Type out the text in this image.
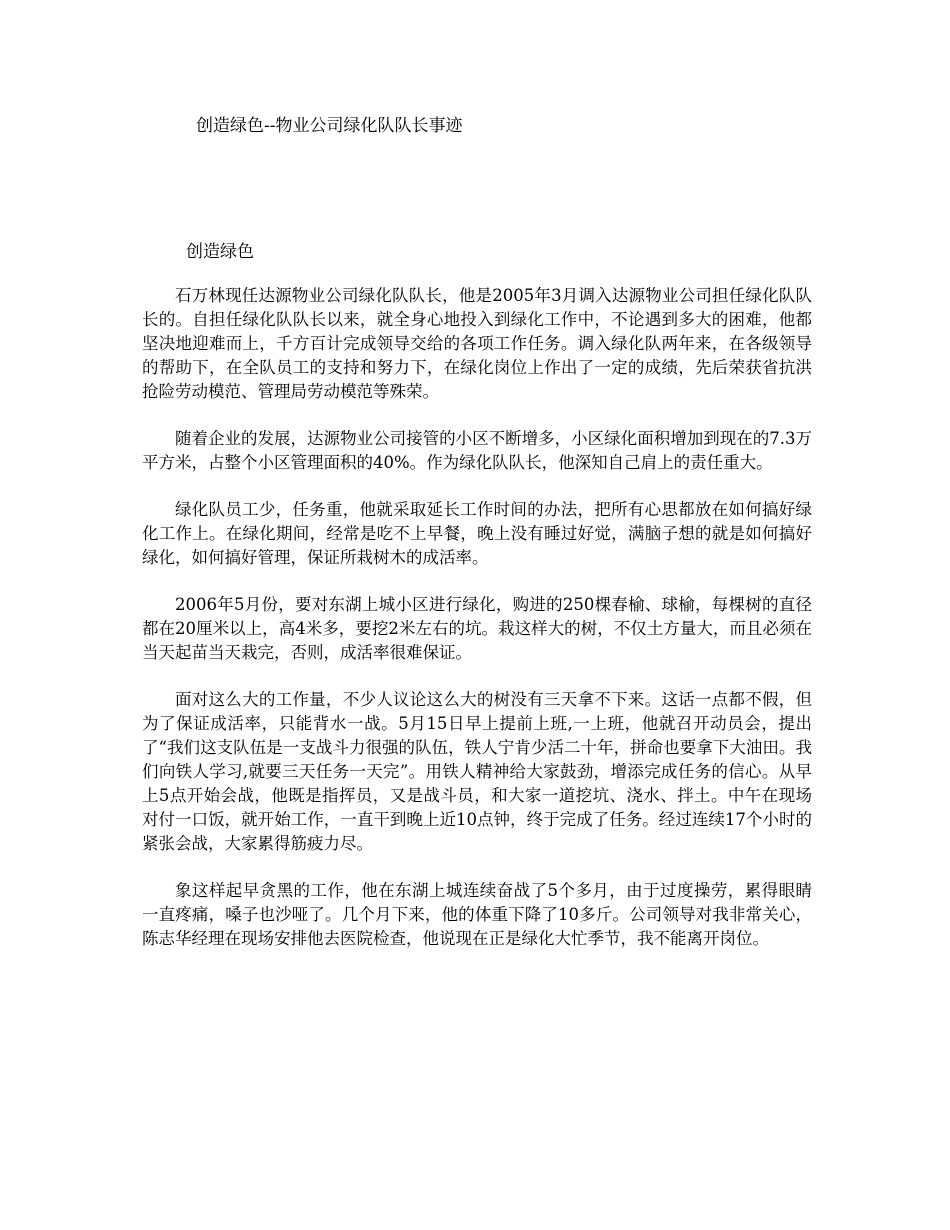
创造绿色--物业公司绿化队队长事迹
创造绿色

石万林现任达源物业公司绿化队队长，他是2005年3月调入达源物业公司担任绿化队队长的。自担任绿化队队长以来，就全身心地投入到绿化工作中，不论遇到多大的困难，他都坚决地迎难而上，千方百计完成领导交给的各项工作任务。调入绿化队两年来，在各级领导的帮助下，在全队员工的支持和努力下，在绿化岗位上作出了一定的成绩，先后荣获省抗洪抢险劳动模范、管理局劳动模范等殊荣。

随着企业的发展，达源物业公司接管的小区不断增多，小区绿化面积增加到现在的7.3万平方米，占整个小区管理面积的40%。作为绿化队队长，他深知自己肩上的责任重大。

绿化队员工少，任务重，他就采取延长工作时间的办法，把所有心思都放在如何搞好绿化工作上。在绿化期间，经常是吃不上早餐，晚上没有睡过好觉，满脑子想的就是如何搞好绿化，如何搞好管理，保证所栽树木的成活率。

2006年5月份，要对东湖上城小区进行绿化，购进的250棵春榆、球榆，每棵树的直径都在20厘米以上，高4米多，要挖2米左右的坑。栽这样大的树，不仅土方量大，而且必须在当天起苗当天栽完，否则，成活率很难保证。

面对这么大的工作量，不少人议论这么大的树没有三天拿不下来。这话一点都不假，但为了保证成活率，只能背水一战。5月15日早上提前上班,一上班，他就召开动员会，提出了“我们这支队伍是一支战斗力很强的队伍，铁人宁肯少活二十年，拼命也要拿下大油田。我们向铁人学习,就要三天任务一天完”。用铁人精神给大家鼓劲，增添完成任务的信心。从早上5点开始会战，他既是指挥员，又是战斗员，和大家一道挖坑、浇水、拌土。中午在现场对付一口饭，就开始工作，一直干到晚上近10点钟，终于完成了任务。经过连续17个小时的紧张会战，大家累得筋疲力尽。

象这样起早贪黑的工作，他在东湖上城连续奋战了5个多月，由于过度操劳，累得眼睛一直疼痛，嗓子也沙哑了。几个月下来，他的体重下降了10多斤。公司领导对我非常关心，陈志华经理在现场安排他去医院检查，他说现在正是绿化大忙季节，我不能离开岗位。
